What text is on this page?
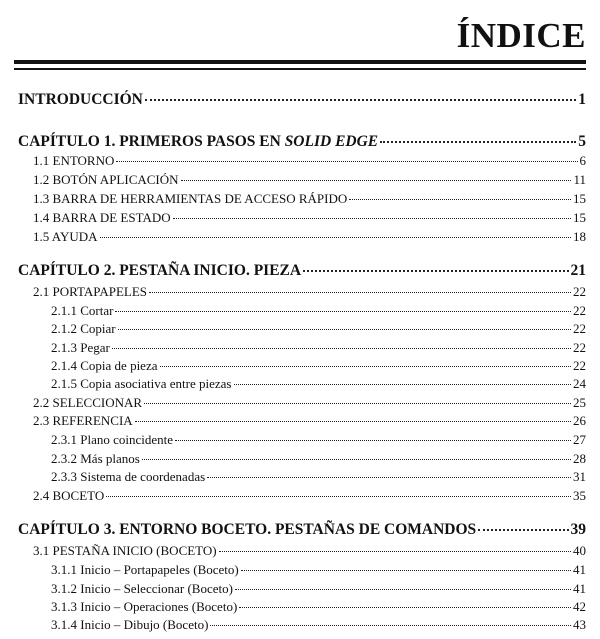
ÍNDICE
INTRODUCCIÓN	1
CAPÍTULO 1. PRIMEROS PASOS EN SOLID EDGE	5
1.1 ENTORNO	6
1.2 BOTÓN APLICACIÓN	11
1.3 BARRA DE HERRAMIENTAS DE ACCESO RÁPIDO	15
1.4 BARRA DE ESTADO	15
1.5 AYUDA	18
CAPÍTULO 2. PESTAÑA INICIO. PIEZA	21
2.1 PORTAPAPELES	22
2.1.1 Cortar	22
2.1.2 Copiar	22
2.1.3 Pegar	22
2.1.4 Copia de pieza	22
2.1.5 Copia asociativa entre piezas	24
2.2 SELECCIONAR	25
2.3 REFERENCIA	26
2.3.1 Plano coincidente	27
2.3.2 Más planos	28
2.3.3 Sistema de coordenadas	31
2.4 BOCETO	35
CAPÍTULO 3. ENTORNO BOCETO. PESTAÑAS DE COMANDOS	39
3.1 PESTAÑA INICIO (BOCETO)	40
3.1.1 Inicio – Portapapeles (Boceto)	41
3.1.2 Inicio – Seleccionar (Boceto)	41
3.1.3 Inicio – Operaciones (Boceto)	42
3.1.4 Inicio – Dibujo (Boceto)	43
